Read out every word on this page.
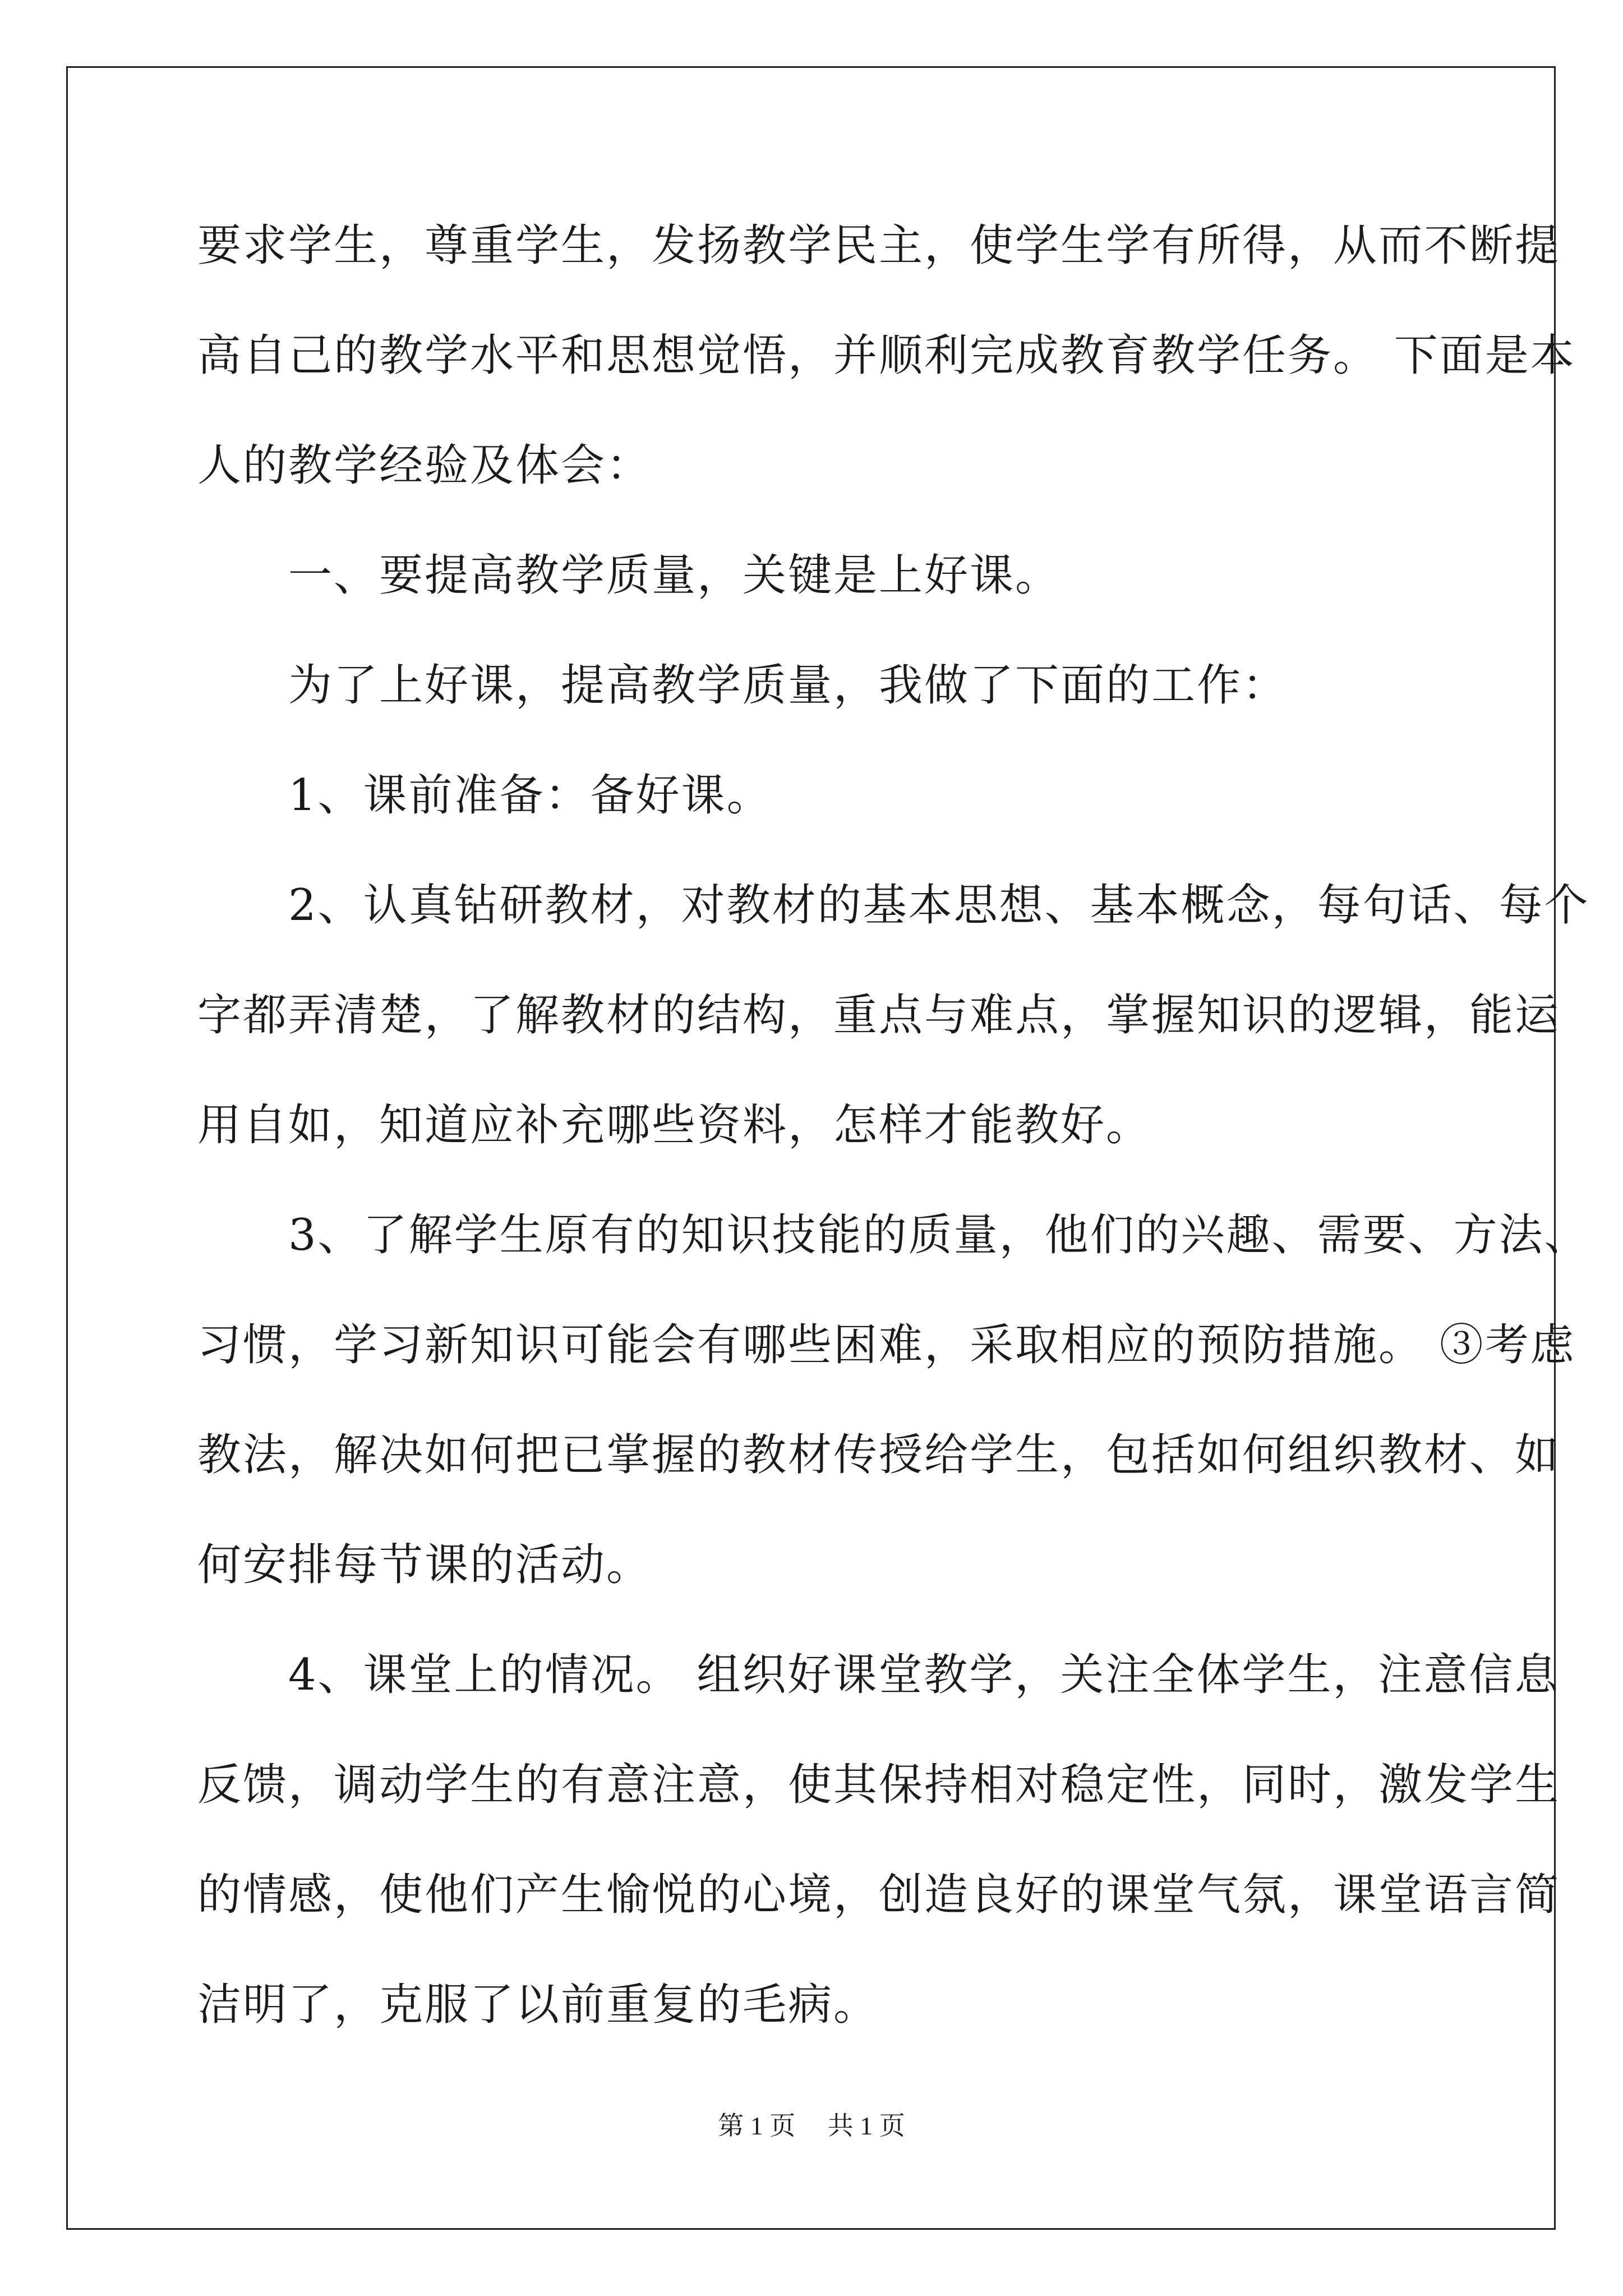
要求学生，尊重学生，发扬教学民主，使学生学有所得，从而不断提
高自己的教学水平和思想觉悟，并顺利完成教育教学任务。 下面是本
人的教学经验及体会：
　　一、要提高教学质量，关键是上好课。
　　为了上好课，提高教学质量，我做了下面的工作：
　　1、课前准备：备好课。
　　2、认真钻研教材，对教材的基本思想、基本概念，每句话、每个
字都弄清楚，了解教材的结构，重点与难点，掌握知识的逻辑，能运
用自如，知道应补充哪些资料，怎样才能教好。
　　3、了解学生原有的知识技能的质量，他们的兴趣、需要、方法、
习惯，学习新知识可能会有哪些困难，采取相应的预防措施。 ③考虑
教法，解决如何把已掌握的教材传授给学生，包括如何组织教材、如
何安排每节课的活动。
　　4、课堂上的情况。 组织好课堂教学，关注全体学生，注意信息
反馈，调动学生的有意注意，使其保持相对稳定性，同时，激发学生
的情感，使他们产生愉悦的心境，创造良好的课堂气氛，课堂语言简
洁明了，克服了以前重复的毛病。
第 1 页　 共 1 页
